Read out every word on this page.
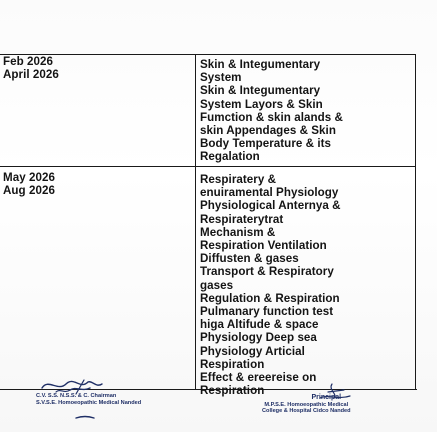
Feb 2026
April 2026
Skin & Integumentary
System
Skin & Integumentary
System Layors & Skin
Fumction & skin alands &
skin Appendages & Skin
Body Temperature & its
Regalation
May 2026
Aug 2026
Respiratery &
enuiramental Physiology
Physiological Anternya &
Respiraterytrat
Mechanism &
Respiration Ventilation
Diffusten & gases
Transport & Respiratory
gases
Regulation & Respiration
Pulmanary function test
higa Altifude & space
Physiology Deep sea
Physiology Articial
Respiration
Effect & ereereise on
Respiration
C.V. S.S. N.S.S. & C. Chairman
S.V.S.E. Homoeopathic Medical Nanded
Principal
M.P.S.E. Homoeopathic Medical
College & Hospital Cidco Nanded
